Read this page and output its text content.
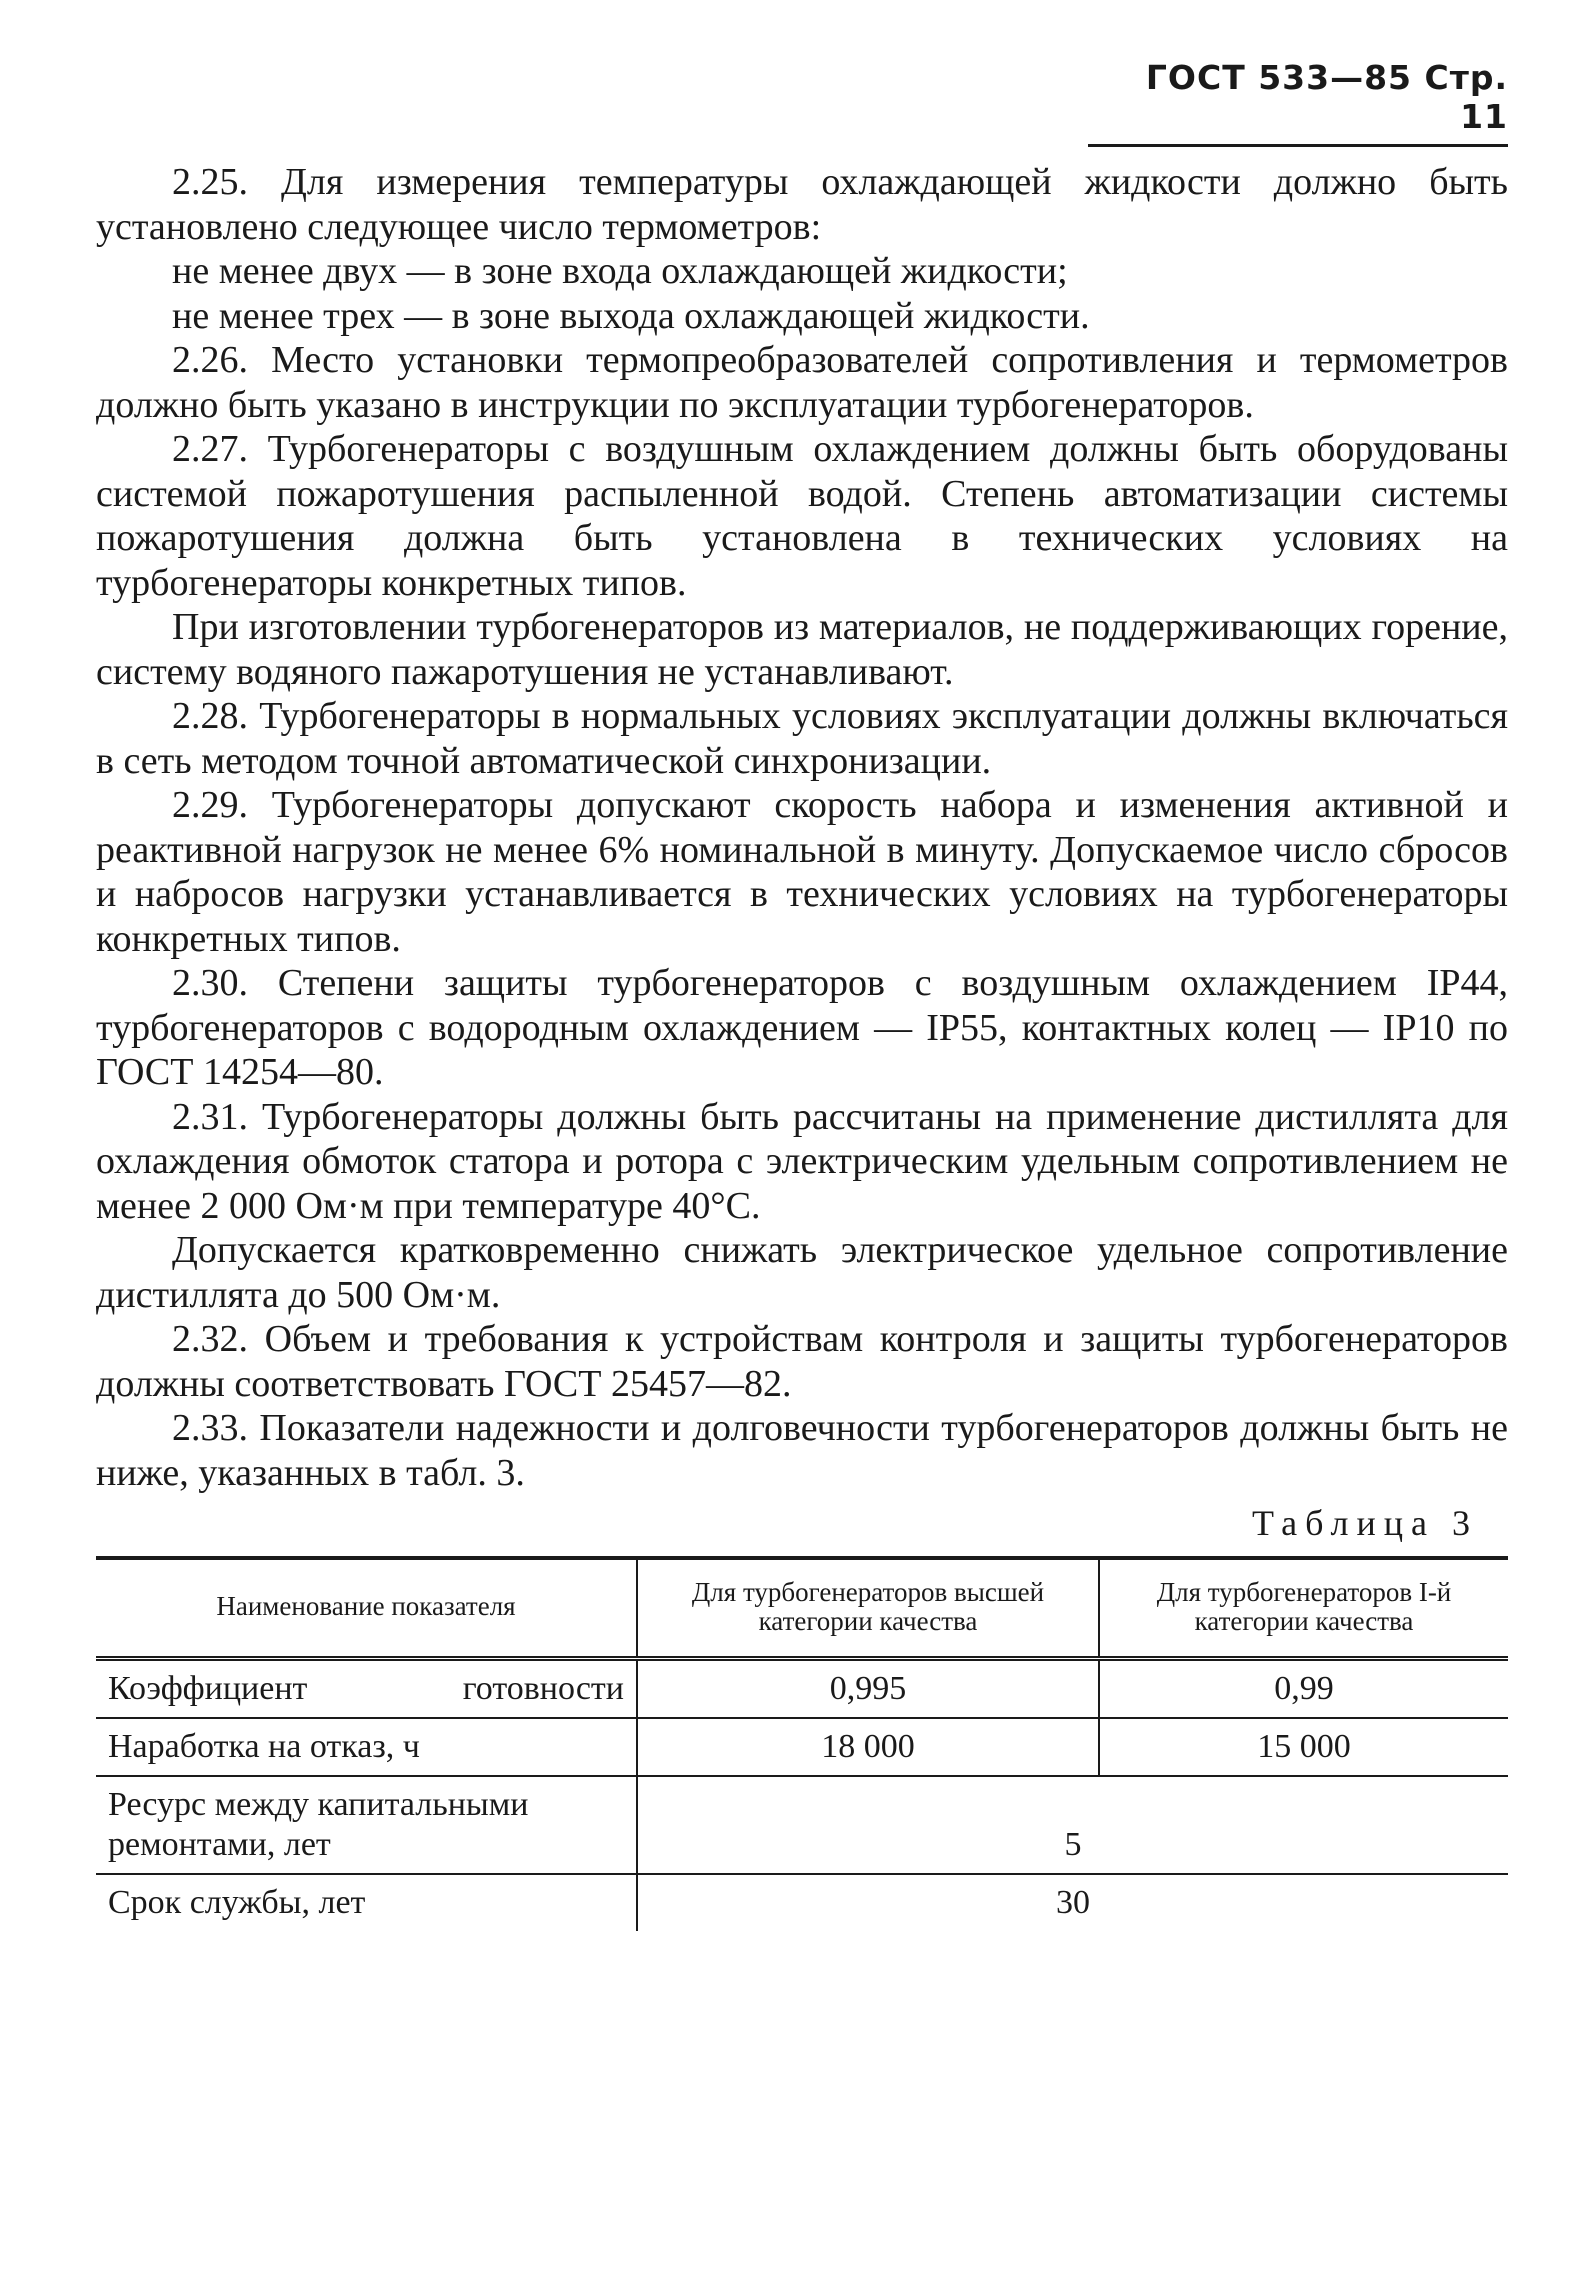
ГОСТ 533—85 Стр. 11

2.25. Для измерения температуры охлаждающей жидкости должно быть установлено следующее число термометров:

не менее двух — в зоне входа охлаждающей жидкости;

не менее трех — в зоне выхода охлаждающей жидкости.

2.26. Место установки термопреобразователей сопротивления и термометров должно быть указано в инструкции по эксплуатации турбогенераторов.

2.27. Турбогенераторы с воздушным охлаждением должны быть оборудованы системой пожаротушения распыленной водой. Степень автоматизации системы пожаротушения должна быть установлена в технических условиях на турбогенераторы конкретных типов.

При изготовлении турбогенераторов из материалов, не поддерживающих горение, систему водяного пажаротушения не устанавливают.

2.28. Турбогенераторы в нормальных условиях эксплуатации должны включаться в сеть методом точной автоматической синхронизации.

2.29. Турбогенераторы допускают скорость набора и изменения активной и реактивной нагрузок не менее 6% номинальной в минуту. Допускаемое число сбросов и набросов нагрузки устанавливается в технических условиях на турбогенераторы конкретных типов.

2.30. Степени защиты турбогенераторов с воздушным охлаждением IP44, турбогенераторов с водородным охлаждением — IP55, контактных колец — IP10 по ГОСТ 14254—80.

2.31. Турбогенераторы должны быть рассчитаны на применение дистиллята для охлаждения обмоток статора и ротора с электрическим удельным сопротивлением не менее 2 000 Ом·м при температуре 40°С.

Допускается кратковременно снижать электрическое удельное сопротивление дистиллята до 500 Ом·м.

2.32. Объем и требования к устройствам контроля и защиты турбогенераторов должны соответствовать ГОСТ 25457—82.

2.33. Показатели надежности и долговечности турбогенераторов должны быть не ниже, указанных в табл. 3.

Таблица 3
Наименование показателя	Для турбогенераторов высшей категории качества	Для турбогенераторов I-й категории качества

Коэффициент готовности	0,995	0,99
Наработка на отказ, ч	18 000	15 000
Ресурс между капитальными ремонтами, лет	5	
Срок службы, лет	30	
